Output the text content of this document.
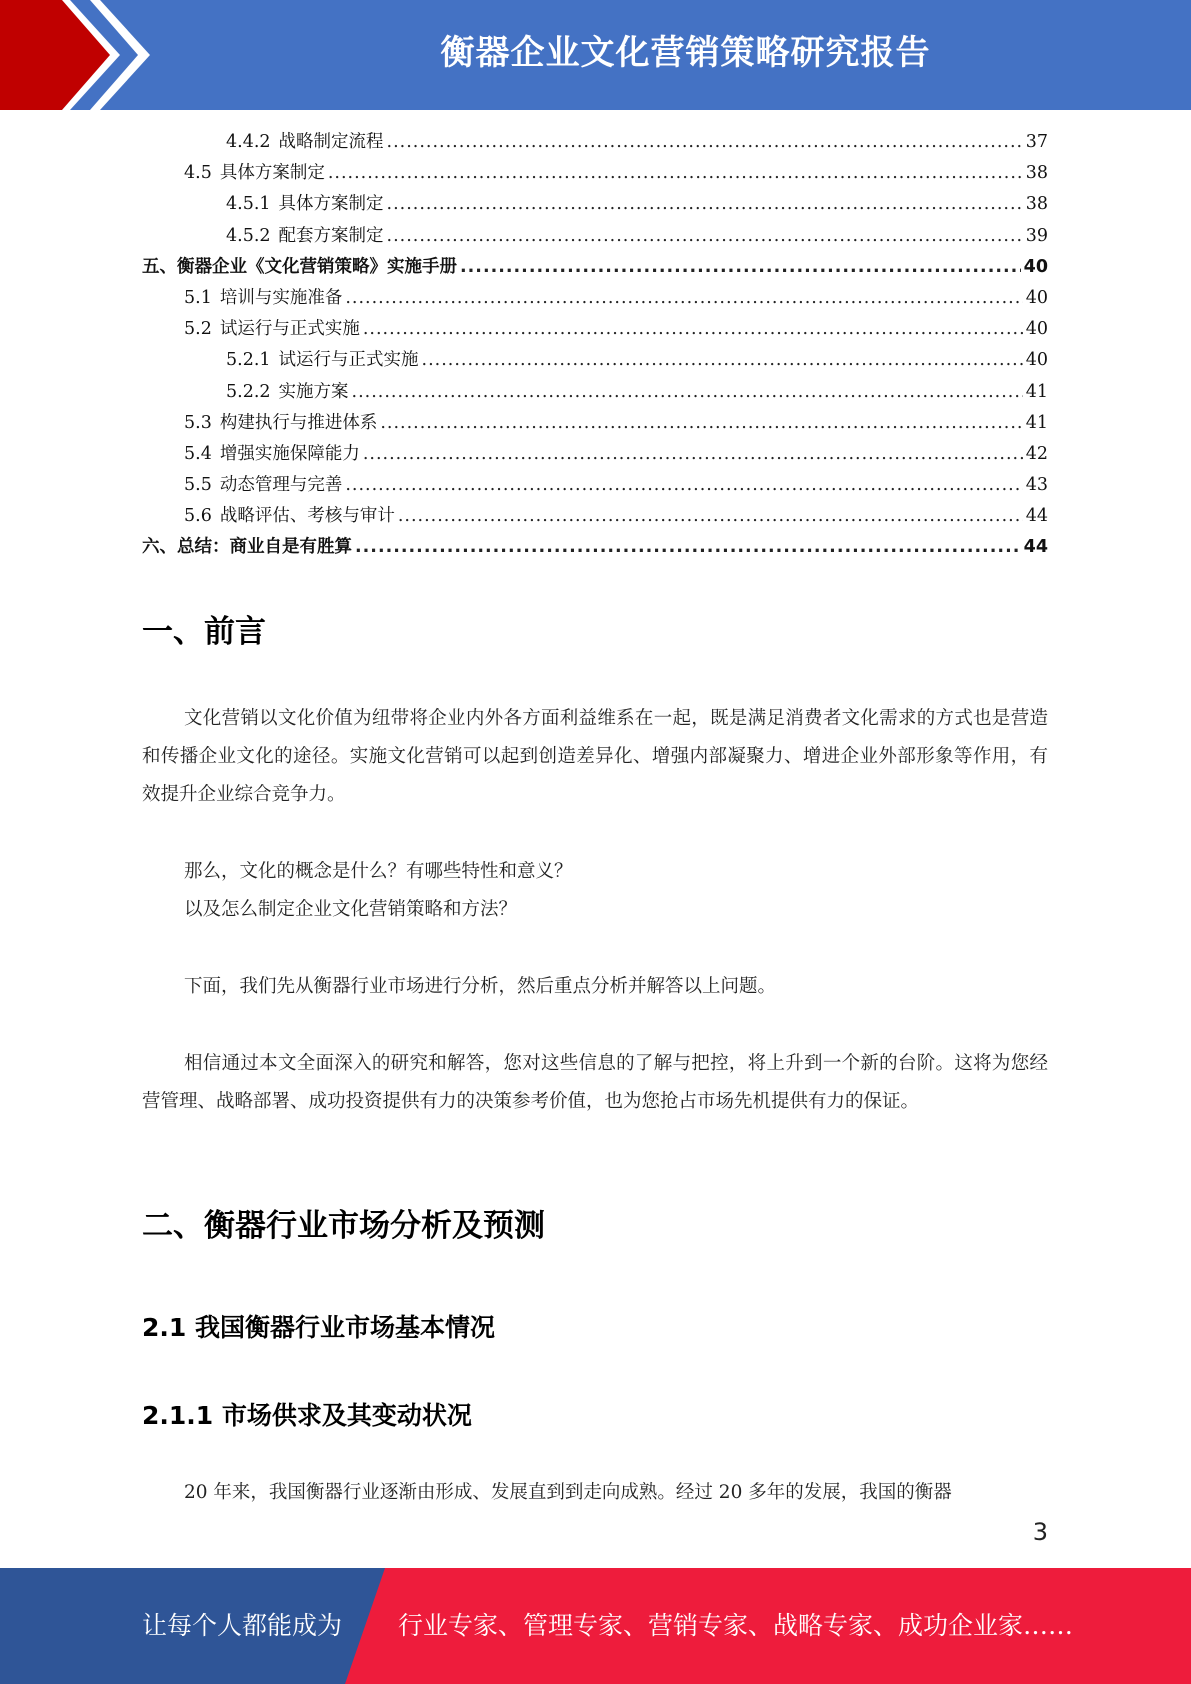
衡器企业文化营销策略研究报告
4.4.2 战略制定流程 .....	37
4.5 具体方案制定 .....	38
4.5.1 具体方案制定 .....	38
4.5.2 配套方案制定 .....	39
五、衡器企业《文化营销策略》实施手册 .....	40
5.1 培训与实施准备 .....	40
5.2 试运行与正式实施 .....	40
5.2.1 试运行与正式实施 .....	40
5.2.2 实施方案 .....	41
5.3 构建执行与推进体系 .....	41
5.4 增强实施保障能力 .....	42
5.5 动态管理与完善 .....	43
5.6 战略评估、考核与审计 .....	44
六、总结：商业自是有胜算 .....	44
一、前言

文化营销以文化价值为纽带将企业内外各方面利益维系在一起，既是满足消费者文化需求的方式也是营造和传播企业文化的途径。实施文化营销可以起到创造差异化、增强内部凝聚力、增进企业外部形象等作用，有效提升企业综合竞争力。

那么，文化的概念是什么？有哪些特性和意义？
以及怎么制定企业文化营销策略和方法？
下面，我们先从衡器行业市场进行分析，然后重点分析并解答以上问题。

相信通过本文全面深入的研究和解答，您对这些信息的了解与把控，将上升到一个新的台阶。这将为您经营管理、战略部署、成功投资提供有力的决策参考价值，也为您抢占市场先机提供有力的保证。

二、衡器行业市场分析及预测
2.1 我国衡器行业市场基本情况
2.1.1 市场供求及其变动状况
20 年来，我国衡器行业逐渐由形成、发展直到到走向成熟。经过 20 多年的发展，我国的衡器
3
让每个人都能成为 行业专家、管理专家、营销专家、战略专家、成功企业家……
